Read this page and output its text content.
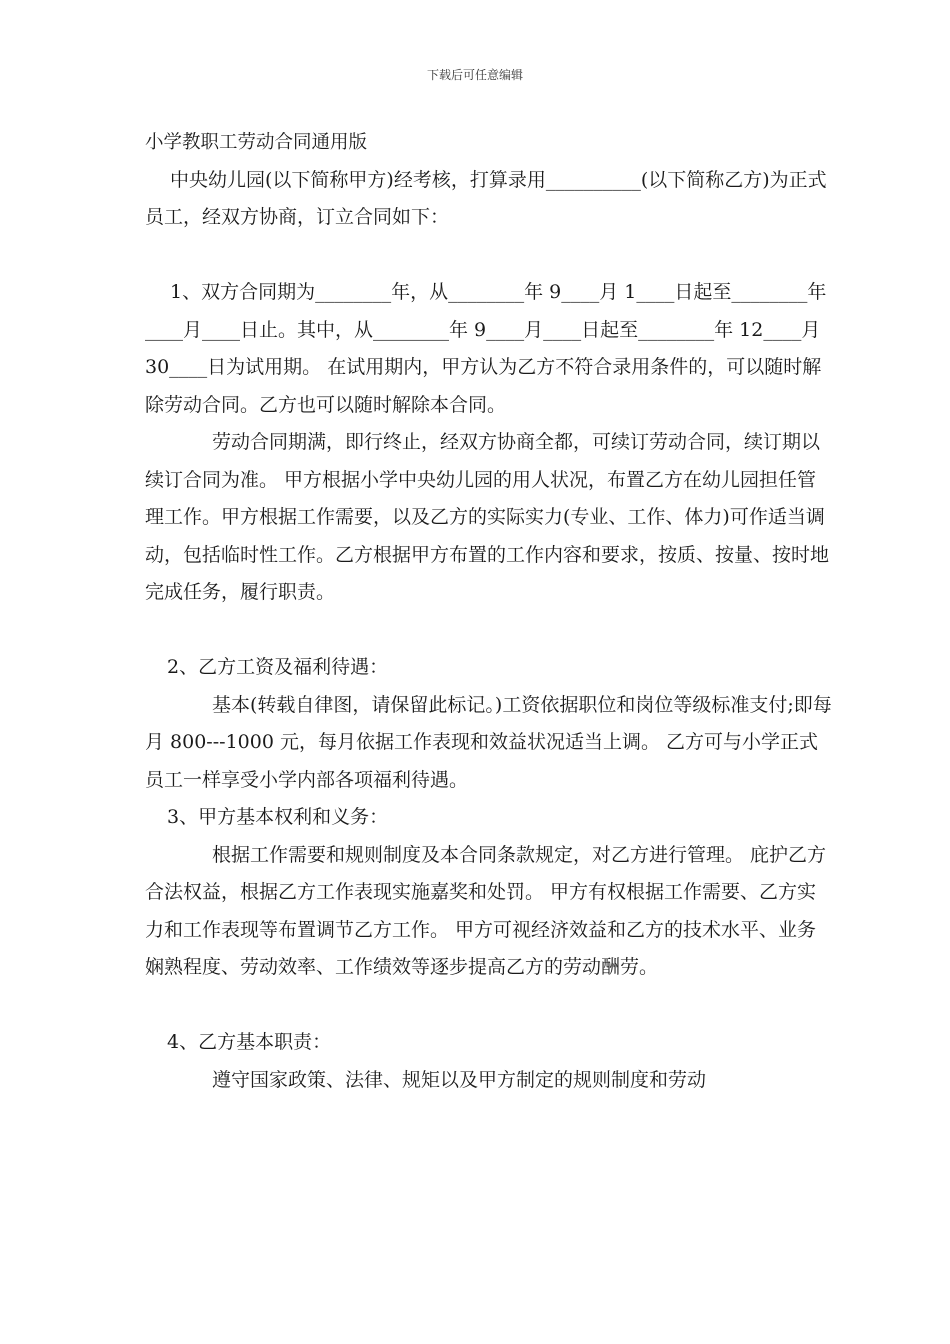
下载后可任意编辑

小学教职工劳动合同通用版

中央幼儿园(以下简称甲方)经考核，打算录用__________(以下简称乙方)为正式员工，经双方协商，订立合同如下：

1、双方合同期为________年，从________年 9____月 1____日起至________年____月____日止。其中，从________年 9____月____日起至________年 12____月 30____日为试用期。 在试用期内，甲方认为乙方不符合录用条件的，可以随时解除劳动合同。乙方也可以随时解除本合同。

劳动合同期满，即行终止，经双方协商全都，可续订劳动合同，续订期以续订合同为准。 甲方根据小学中央幼儿园的用人状况，布置乙方在幼儿园担任管理工作。甲方根据工作需要，以及乙方的实际实力(专业、工作、体力)可作适当调动，包括临时性工作。乙方根据甲方布置的工作内容和要求，按质、按量、按时地完成任务，履行职责。

2、乙方工资及福利待遇：

基本(转载自律图，请保留此标记。)工资依据职位和岗位等级标准支付;即每月 800---1000 元，每月依据工作表现和效益状况适当上调。 乙方可与小学正式员工一样享受小学内部各项福利待遇。

3、甲方基本权利和义务：

根据工作需要和规则制度及本合同条款规定，对乙方进行管理。 庇护乙方合法权益，根据乙方工作表现实施嘉奖和处罚。 甲方有权根据工作需要、乙方实力和工作表现等布置调节乙方工作。 甲方可视经济效益和乙方的技术水平、业务娴熟程度、劳动效率、工作绩效等逐步提高乙方的劳动酬劳。

4、乙方基本职责：

遵守国家政策、法律、规矩以及甲方制定的规则制度和劳动
